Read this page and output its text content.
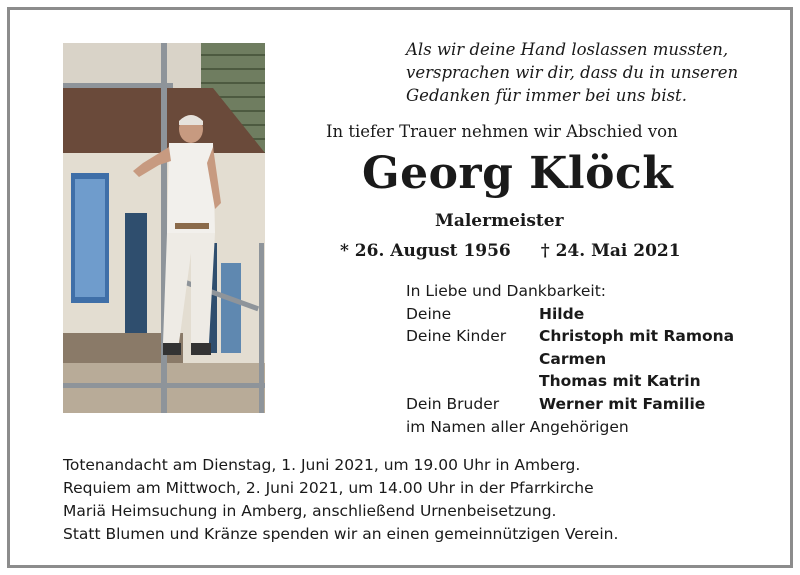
Als wir deine Hand loslassen mussten,
versprachen wir dir, dass du in unseren
Gedanken für immer bei uns bist.
In tiefer Trauer nehmen wir Abschied von
Georg Klöck
Malermeister
* 26. August 1956 † 24. Mai 2021
In Liebe und Dankbarkeit:
Deine	Hilde
Deine Kinder	Christoph mit Ramona
Carmen
Thomas mit Katrin
Dein Bruder	Werner mit Familie
im Namen aller Angehörigen
Totenandacht am Dienstag, 1. Juni 2021, um 19.00 Uhr in Amberg.
Requiem am Mittwoch, 2. Juni 2021, um 14.00 Uhr in der Pfarrkirche
Mariä Heimsuchung in Amberg, anschließend Urnenbeisetzung.
Statt Blumen und Kränze spenden wir an einen gemeinnützigen Verein.
